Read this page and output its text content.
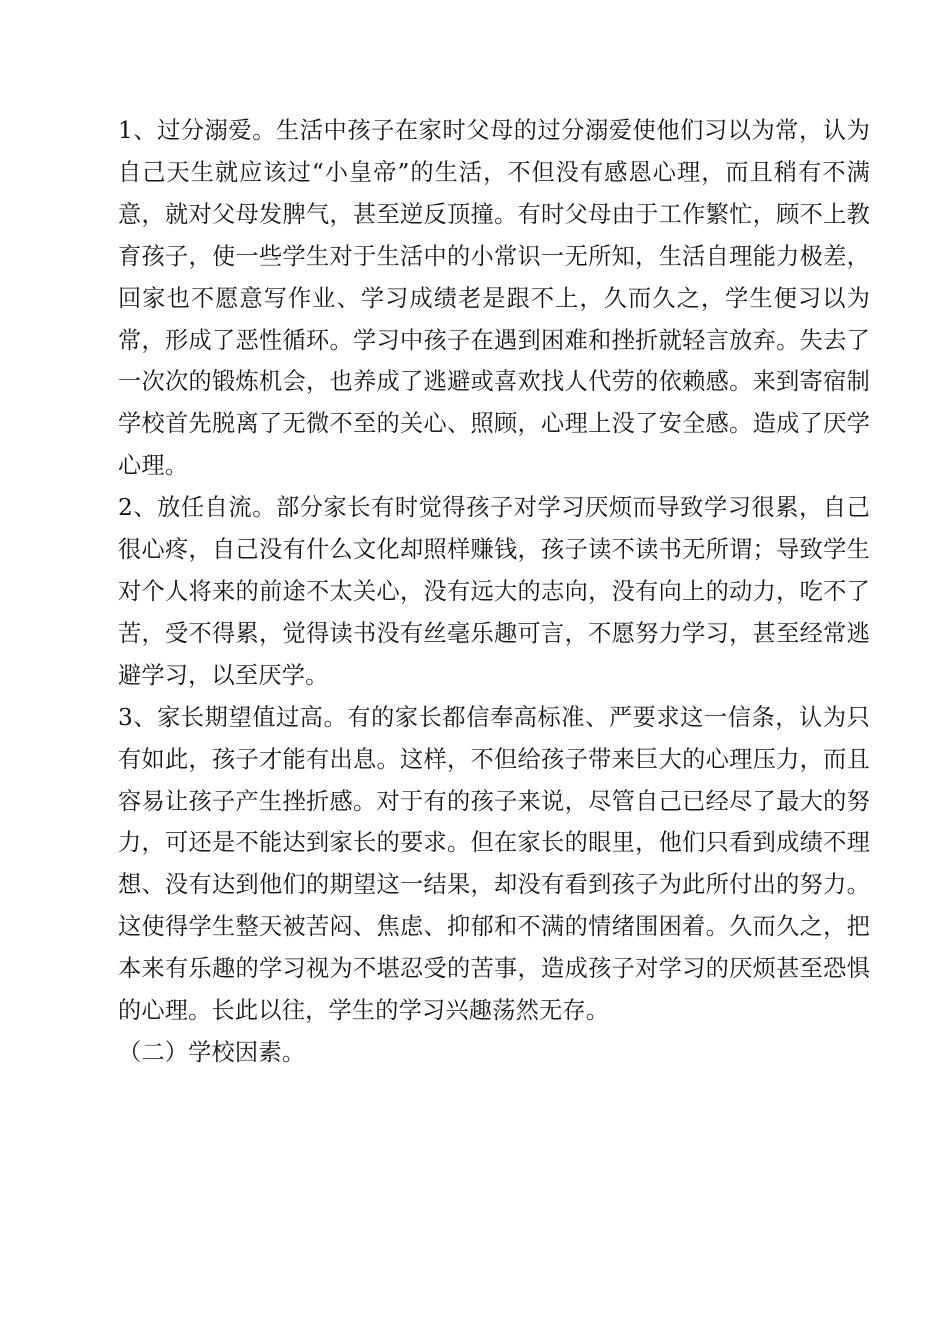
1、过分溺爱。生活中孩子在家时父母的过分溺爱使他们习以为常，认为自己天生就应该过“小皇帝”的生活，不但没有感恩心理，而且稍有不满意，就对父母发脾气，甚至逆反顶撞。有时父母由于工作繁忙，顾不上教育孩子，使一些学生对于生活中的小常识一无所知，生活自理能力极差，回家也不愿意写作业、学习成绩老是跟不上，久而久之，学生便习以为常，形成了恶性循环。学习中孩子在遇到困难和挫折就轻言放弃。失去了一次次的锻炼机会，也养成了逃避或喜欢找人代劳的依赖感。来到寄宿制学校首先脱离了无微不至的关心、照顾，心理上没了安全感。造成了厌学心理。

2、放任自流。部分家长有时觉得孩子对学习厌烦而导致学习很累，自己很心疼，自己没有什么文化却照样赚钱，孩子读不读书无所谓；导致学生对个人将来的前途不太关心，没有远大的志向，没有向上的动力，吃不了苦，受不得累，觉得读书没有丝毫乐趣可言，不愿努力学习，甚至经常逃避学习，以至厌学。

3、家长期望值过高。有的家长都信奉高标准、严要求这一信条，认为只有如此，孩子才能有出息。这样，不但给孩子带来巨大的心理压力，而且容易让孩子产生挫折感。对于有的孩子来说，尽管自己已经尽了最大的努力，可还是不能达到家长的要求。但在家长的眼里，他们只看到成绩不理想、没有达到他们的期望这一结果，却没有看到孩子为此所付出的努力。这使得学生整天被苦闷、焦虑、抑郁和不满的情绪围困着。久而久之，把本来有乐趣的学习视为不堪忍受的苦事，造成孩子对学习的厌烦甚至恐惧的心理。长此以往，学生的学习兴趣荡然无存。

（二）学校因素。
